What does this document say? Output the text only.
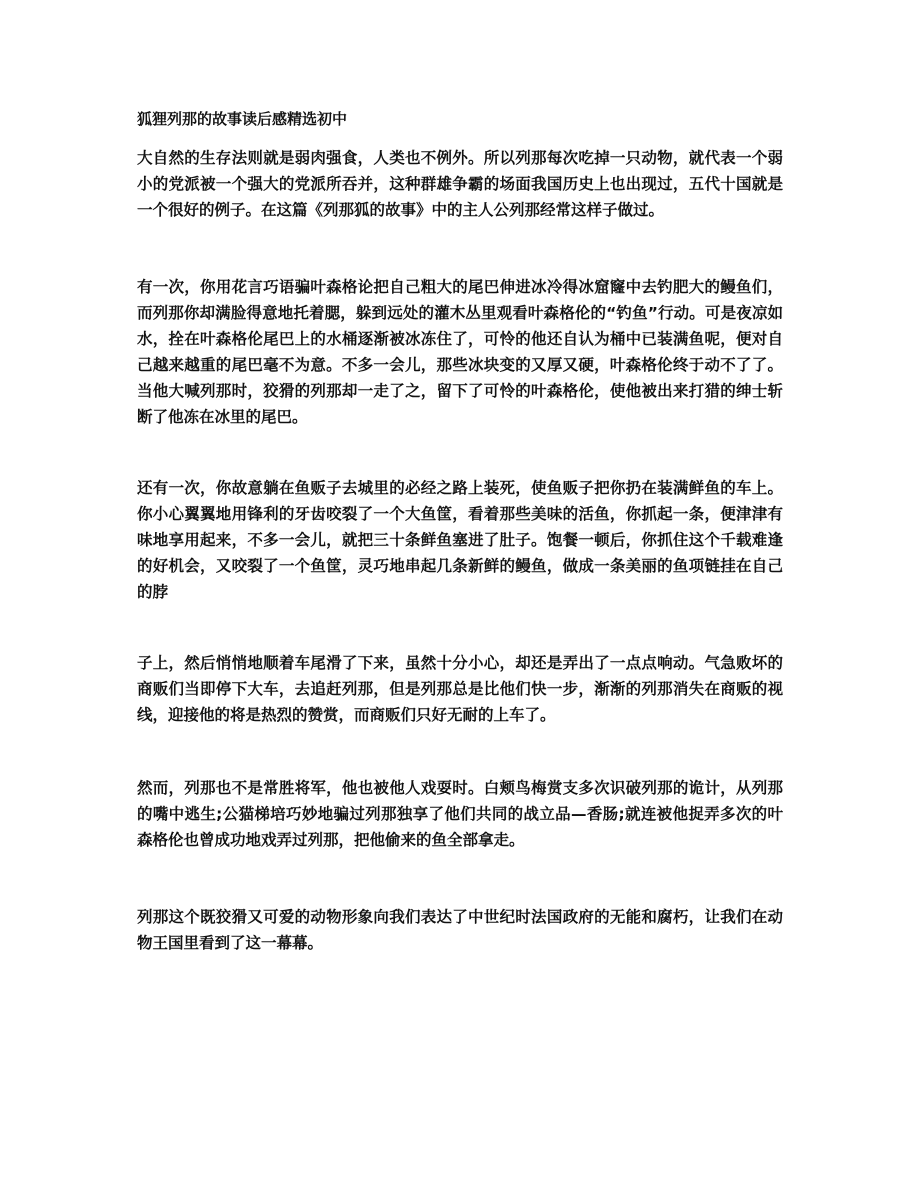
狐狸列那的故事读后感精选初中

大自然的生存法则就是弱肉强食，人类也不例外。所以列那每次吃掉一只动物，就代表一个弱小的党派被一个强大的党派所吞并，这种群雄争霸的场面我国历史上也出现过，五代十国就是一个很好的例子。在这篇《列那狐的故事》中的主人公列那经常这样子做过。

有一次，你用花言巧语骗叶森格论把自己粗大的尾巴伸进冰冷得冰窟窿中去钓肥大的鳗鱼们，而列那你却满脸得意地托着腮，躲到远处的灌木丛里观看叶森格伦的“钓鱼”行动。可是夜凉如水，拴在叶森格伦尾巴上的水桶逐渐被冰冻住了，可怜的他还自认为桶中已装满鱼呢，便对自己越来越重的尾巴毫不为意。不多一会儿，那些冰块变的又厚又硬，叶森格伦终于动不了了。当他大喊列那时，狡猾的列那却一走了之，留下了可怜的叶森格伦，使他被出来打猎的绅士斩断了他冻在冰里的尾巴。

还有一次，你故意躺在鱼贩子去城里的必经之路上装死，使鱼贩子把你扔在装满鲜鱼的车上。你小心翼翼地用锋利的牙齿咬裂了一个大鱼筐，看着那些美味的活鱼，你抓起一条，便津津有味地享用起来，不多一会儿，就把三十条鲜鱼塞进了肚子。饱餐一顿后，你抓住这个千载难逢的好机会，又咬裂了一个鱼筐，灵巧地串起几条新鲜的鳗鱼，做成一条美丽的鱼项链挂在自己的脖

子上，然后悄悄地顺着车尾滑了下来，虽然十分小心，却还是弄出了一点点响动。气急败坏的商贩们当即停下大车，去追赶列那，但是列那总是比他们快一步，渐渐的列那消失在商贩的视线，迎接他的将是热烈的赞赏，而商贩们只好无耐的上车了。

然而，列那也不是常胜将军，他也被他人戏耍时。白颊鸟梅赏支多次识破列那的诡计，从列那的嘴中逃生;公猫梯培巧妙地骗过列那独享了他们共同的战立品—香肠;就连被他捉弄多次的叶森格伦也曾成功地戏弄过列那，把他偷来的鱼全部拿走。

列那这个既狡猾又可爱的动物形象向我们表达了中世纪时法国政府的无能和腐朽，让我们在动物王国里看到了这一幕幕。
